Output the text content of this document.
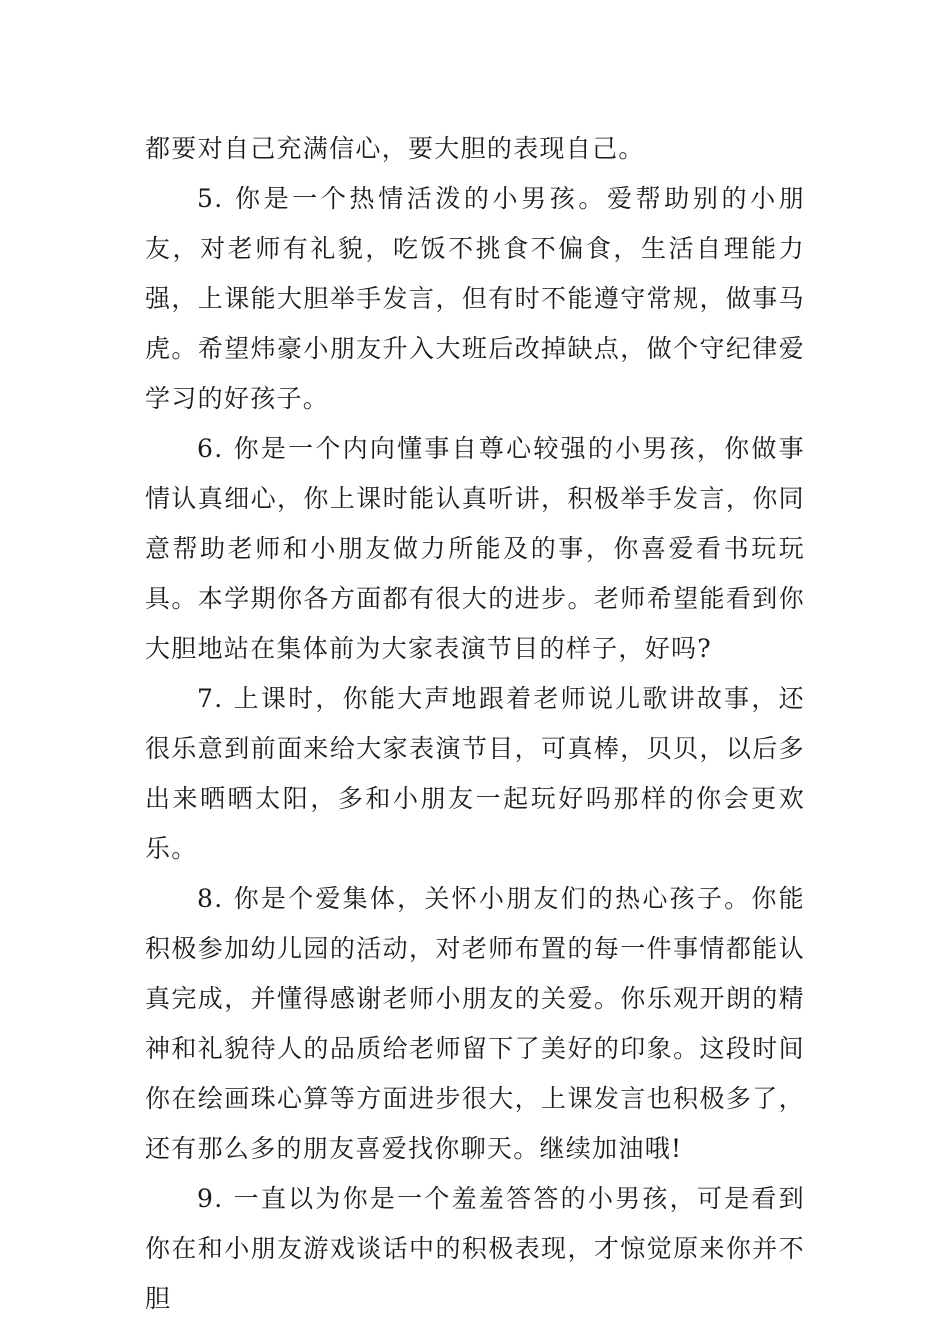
都要对自己充满信心，要大胆的表现自己。

5. 你是一个热情活泼的小男孩。爱帮助别的小朋友，对老师有礼貌，吃饭不挑食不偏食，生活自理能力强，上课能大胆举手发言，但有时不能遵守常规，做事马虎。希望炜豪小朋友升入大班后改掉缺点，做个守纪律爱学习的好孩子。

6. 你是一个内向懂事自尊心较强的小男孩，你做事情认真细心，你上课时能认真听讲，积极举手发言，你同意帮助老师和小朋友做力所能及的事，你喜爱看书玩玩具。本学期你各方面都有很大的进步。老师希望能看到你大胆地站在集体前为大家表演节目的样子，好吗?

7. 上课时，你能大声地跟着老师说儿歌讲故事，还很乐意到前面来给大家表演节目，可真棒，贝贝，以后多出来晒晒太阳，多和小朋友一起玩好吗那样的你会更欢乐。

8. 你是个爱集体，关怀小朋友们的热心孩子。你能积极参加幼儿园的活动，对老师布置的每一件事情都能认真完成，并懂得感谢老师小朋友的关爱。你乐观开朗的精神和礼貌待人的品质给老师留下了美好的印象。这段时间你在绘画珠心算等方面进步很大，上课发言也积极多了，还有那么多的朋友喜爱找你聊天。继续加油哦!

9. 一直以为你是一个羞羞答答的小男孩，可是看到你在和小朋友游戏谈话中的积极表现，才惊觉原来你并不胆
